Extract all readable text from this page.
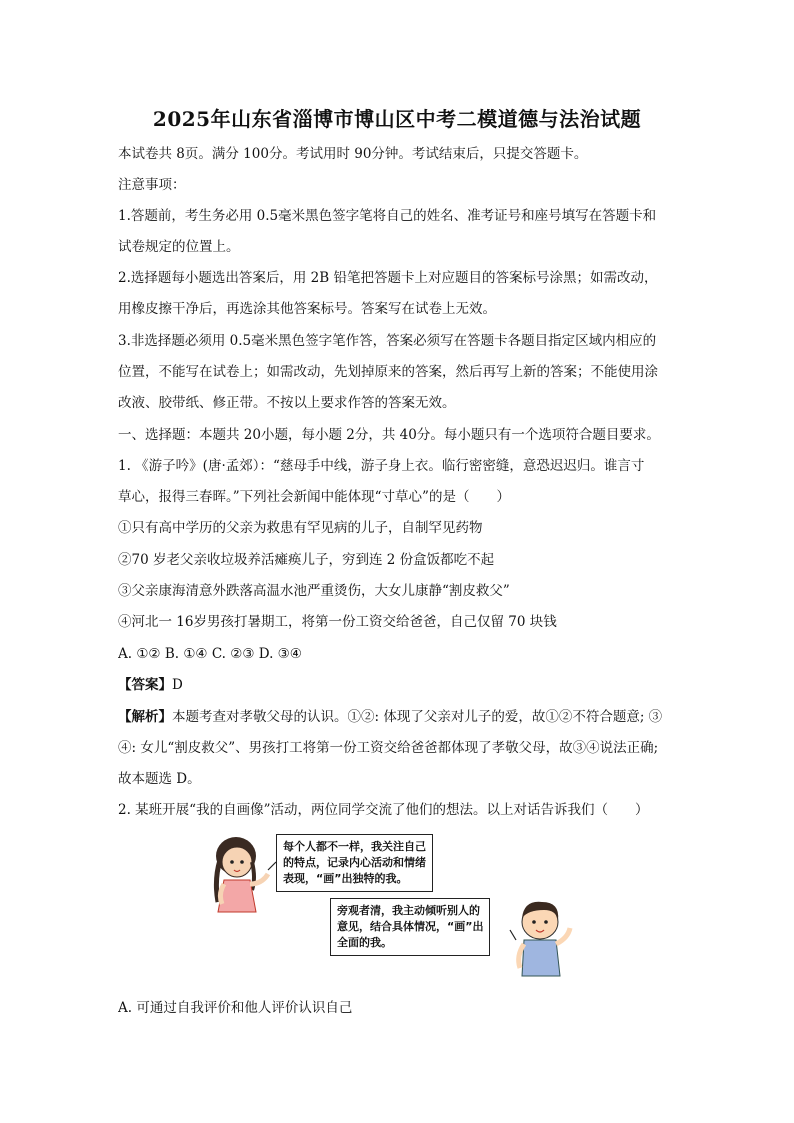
2025年山东省淄博市博山区中考二模道德与法治试题
本试卷共 8页。满分 100分。考试用时 90分钟。考试结束后，只提交答题卡。
注意事项：
1.答题前，考生务必用 0.5毫米黑色签字笔将自己的姓名、准考证号和座号填写在答题卡和
试卷规定的位置上。
2.选择题每小题选出答案后，用 2B 铅笔把答题卡上对应题目的答案标号涂黑；如需改动，
用橡皮擦干净后，再选涂其他答案标号。答案写在试卷上无效。
3.非选择题必须用 0.5毫米黑色签字笔作答，答案必须写在答题卡各题目指定区域内相应的
位置，不能写在试卷上；如需改动，先划掉原来的答案，然后再写上新的答案；不能使用涂
改液、胶带纸、修正带。不按以上要求作答的答案无效。
一、选择题：本题共 20小题，每小题 2分，共 40分。每小题只有一个选项符合题目要求。
1. 《游子吟》(唐·孟郊）：“慈母手中线，游子身上衣。临行密密缝，意恐迟迟归。谁言寸
草心，报得三春晖。”下列社会新闻中能体现“寸草心”的是（　　）
①只有高中学历的父亲为救患有罕见病的儿子，自制罕见药物
②70 岁老父亲收垃圾养活瘫痪儿子，穷到连 2 份盒饭都吃不起
③父亲康海清意外跌落高温水池严重烫伤，大女儿康静“割皮救父”
④河北一 16岁男孩打暑期工，将第一份工资交给爸爸，自己仅留 70 块钱
A. ①② B. ①④ C. ②③ D. ③④
【答案】D
【解析】本题考查对孝敬父母的认识。①②: 体现了父亲对儿子的爱，故①②不符合题意; ③
④: 女儿“割皮救父”、男孩打工将第一份工资交给爸爸都体现了孝敬父母，故③④说法正确;
故本题选 D。
2. 某班开展“我的自画像”活动，两位同学交流了他们的想法。以上对话告诉我们（　　）
每个人都不一样，我关注自己
的特点，记录内心活动和情绪
表现，“画”出独特的我。
旁观者清，我主动倾听别人的
意见，结合具体情况，“画”出
全面的我。
A. 可通过自我评价和他人评价认识自己
